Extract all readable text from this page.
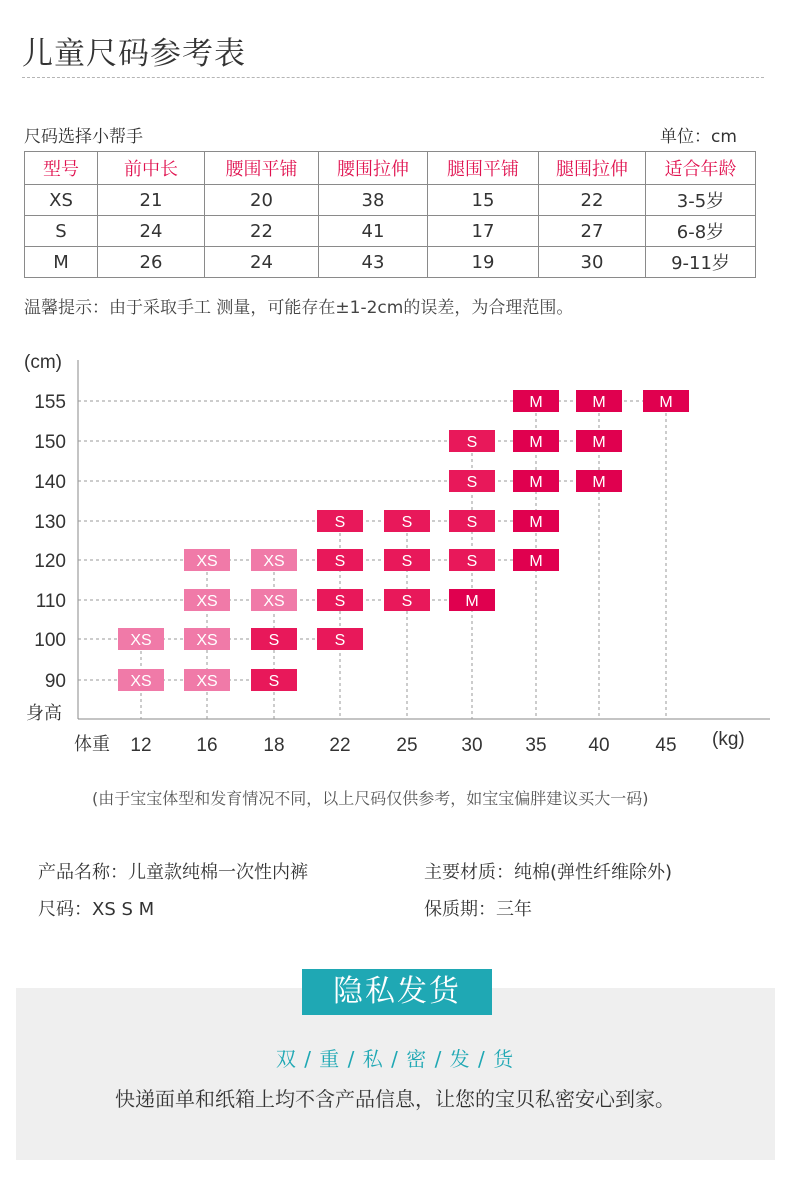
儿童尺码参考表
尺码选择小帮手	单位：cm
型号	前中长	腰围平铺	腰围拉伸	腿围平铺	腿围拉伸	适合年龄
XS	21	20	38	15	22	3-5岁
S	24	22	41	17	27	6-8岁
M	26	24	43	19	30	9-11岁
温馨提示：由于采取手工 测量，可能存在±1-2cm的误差，为合理范围。
XS	XS	S	S
XS	XS	S
XS	XS	S	S	M
XS	XS	S	S	S	M
S	S	S	M
S	M	M
S	M	M
M	M	M
155
150
140
130
120
110
100
90
12 16 18 22 25 30 35 40 45
(cm)
身高
体重	(kg)
(由于宝宝体型和发育情况不同，以上尺码仅供参考，如宝宝偏胖建议买大一码)
产品名称：儿童款纯棉一次性内裤	主要材质：纯棉(弹性纤维除外)
尺码：XS S M	保质期：三年
隐私发货
双 / 重 / 私 / 密 / 发 / 货
快递面单和纸箱上均不含产品信息，让您的宝贝私密安心到家。
